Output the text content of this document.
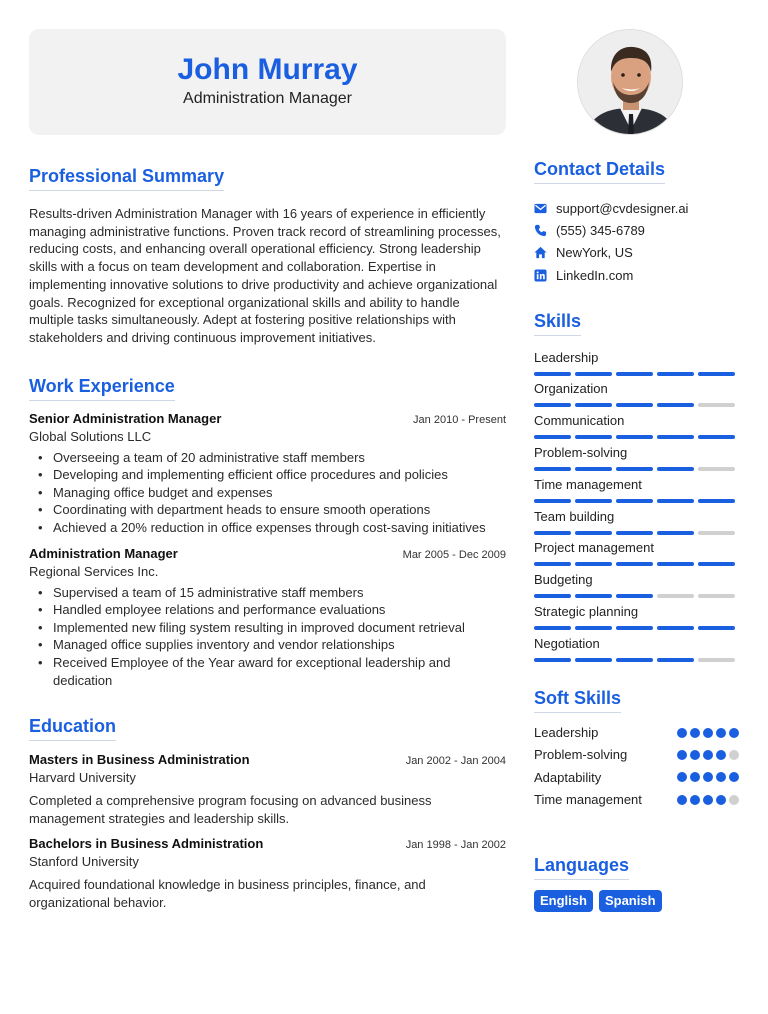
John Murray
Administration Manager
Professional Summary

Results-driven Administration Manager with 16 years of experience in efficiently managing administrative functions. Proven track record of streamlining processes, reducing costs, and enhancing overall operational efficiency. Strong leadership skills with a focus on team development and collaboration. Expertise in implementing innovative solutions to drive productivity and achieve organizational goals. Recognized for exceptional organizational skills and ability to handle multiple tasks simultaneously. Adept at fostering positive relationships with stakeholders and driving continuous improvement initiatives.

Work Experience
Senior Administration Manager	Jan 2010 - Present
Global Solutions LLC
• Overseeing a team of 20 administrative staff members
• Developing and implementing efficient office procedures and policies
• Managing office budget and expenses
• Coordinating with department heads to ensure smooth operations
• Achieved a 20% reduction in office expenses through cost-saving initiatives
Administration Manager	Mar 2005 - Dec 2009
Regional Services Inc.
• Supervised a team of 15 administrative staff members
• Handled employee relations and performance evaluations
• Implemented new filing system resulting in improved document retrieval
• Managed office supplies inventory and vendor relationships
• Received Employee of the Year award for exceptional leadership and dedication
Education
Masters in Business Administration	Jan 2002 - Jan 2004
Harvard University

Completed a comprehensive program focusing on advanced business management strategies and leadership skills.

Bachelors in Business Administration	Jan 1998 - Jan 2002
Stanford University

Acquired foundational knowledge in business principles, finance, and organizational behavior.

Contact Details
support@cvdesigner.ai
(555) 345-6789
NewYork, US
LinkedIn.com
Skills
Leadership
Organization
Communication
Problem-solving
Time management
Team building
Project management
Budgeting
Strategic planning
Negotiation
Soft Skills
Leadership
Problem-solving
Adaptability
Time management
Languages
English	Spanish
